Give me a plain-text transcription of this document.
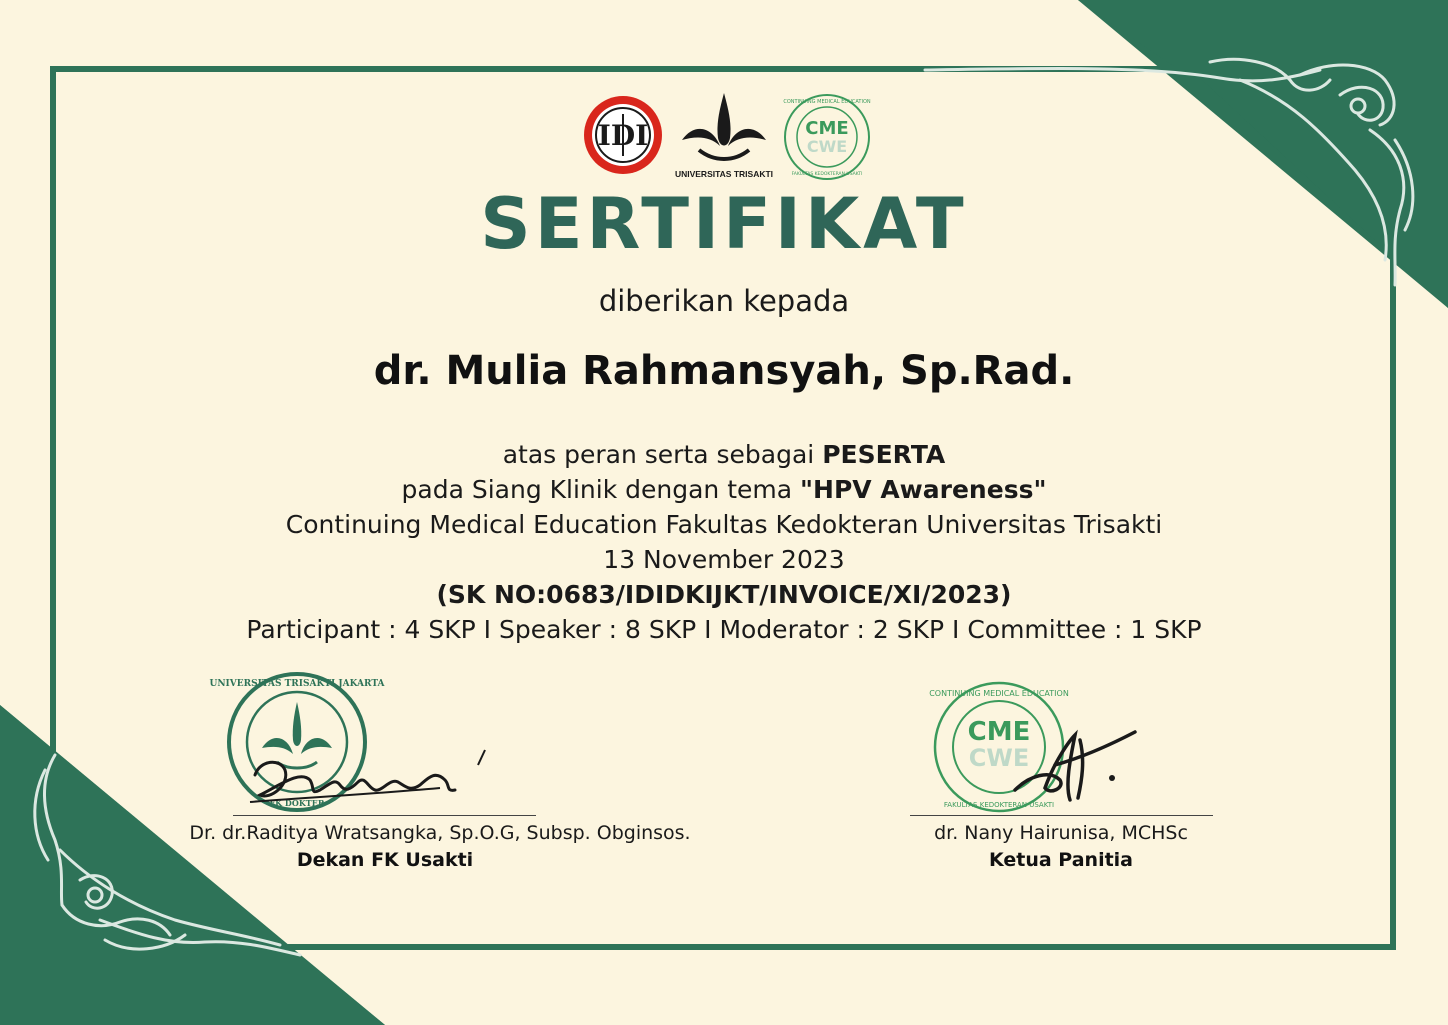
IDI
UNIVERSITAS TRISAKTI
CME
CWE
CONTINUING MEDICAL EDUCATION
FAKULTAS KEDOKTERAN USAKTI
SERTIFIKAT
diberikan kepada
dr. Mulia Rahmansyah, Sp.Rad.
atas peran serta sebagai PESERTA
pada Siang Klinik dengan tema "HPV Awareness"
Continuing Medical Education Fakultas Kedokteran Universitas Trisakti
13 November 2023
(SK NO:0683/IDIDKIJKT/INVOICE/XI/2023)
Participant : 4 SKP I Speaker : 8 SKP I Moderator : 2 SKP I Committee : 1 SKP
UNIVERSITAS TRISAKTI JAKARTA
FK DOKTER
Dr. dr.Raditya Wratsangka, Sp.O.G, Subsp. Obginsos.
Dekan FK Usakti
CME
CWE
CONTINUING MEDICAL EDUCATION
FAKULTAS KEDOKTERAN USAKTI
dr. Nany Hairunisa, MCHSc
Ketua Panitia
